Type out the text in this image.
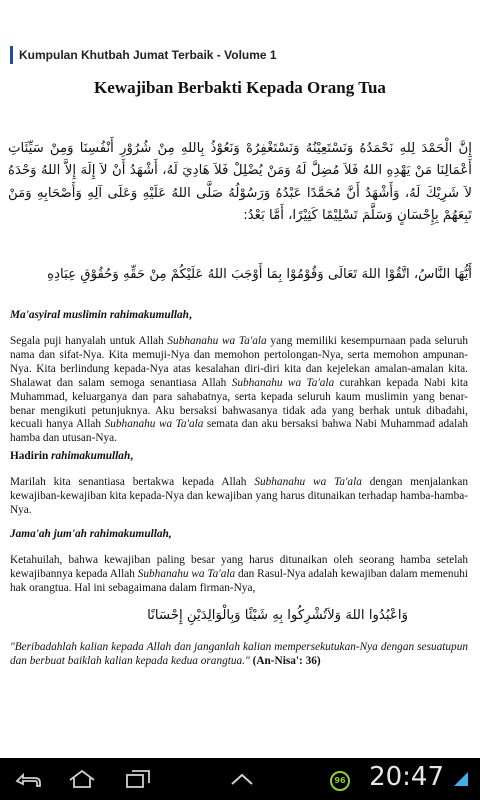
Kumpulan Khutbah Jumat Terbaik - Volume 1
Kewajiban Berbakti Kepada Orang Tua
إِنَّ الْحَمْدَ لِلهِ نَحْمَدُهُ وَنَسْتَعِيْنُهُ وَنَسْتَغْفِرُهْ وَنَعُوْذُ بِاللهِ مِنْ شُرُوْرِ أَنْفُسِنَا وَمِنْ سَيِّئَاتِ أَعْمَالِنَا مَنْ يَهْدِهِ اللهُ فَلاَ مُضِلَّ لَهُ وَمَنْ يُضْلِلْ فَلاَ هَادِيَ لَهُ، أَشْهَدُ أَنْ لاَ إِلَهَ إِلاَّ اللهُ وَحْدَهُ لاَ شَرِيْكَ لَهُ، وَأَشْهَدُ أَنَّ مُحَمَّدًا عَبْدُهُ وَرَسُوْلُهُ صَلَّى اللهُ عَلَيْهِ وَعَلَى آلِهِ وَأَصْحَابِهِ وَمَنْ تَبِعَهُمْ بِإِحْسَانٍ وَسَلَّمَ تَسْلِيْمًا كَثِيْرًا، أَمَّا بَعْدُ:
أَيُّهَا النَّاسُ، اتَّقُوْا اللهَ تَعَالَى وَقُوْمُوْا بِمَا أَوْجَبَ اللهُ عَلَيْكُمْ مِنْ حَقِّهِ وَحُقُوْقِ عِبَادِهِ
Ma'asyiral muslimin rahimakumullah,
Segala puji hanyalah untuk Allah Subhanahu wa Ta'ala yang memiliki kesempurnaan pada seluruh nama dan sifat-Nya. Kita memuji-Nya dan memohon pertolongan-Nya, serta memohon ampunan-Nya. Kita berlindung kepada-Nya atas kesalahan diri-diri kita dan kejelekan amalan-amalan kita. Shalawat dan salam semoga senantiasa Allah Subhanahu wa Ta'ala curahkan kepada Nabi kita Muhammad, keluarganya dan para sahabatnya, serta kepada seluruh kaum muslimin yang benar-benar mengikuti petunjuknya. Aku bersaksi bahwasanya tidak ada yang berhak untuk dibadahi, kecuali hanya Allah Subhanahu wa Ta'ala semata dan aku bersaksi bahwa Nabi Muhammad adalah hamba dan utusan-Nya.
Hadirin rahimakumullah,
Marilah kita senantiasa bertakwa kepada Allah Subhanahu wa Ta'ala dengan menjalankan kewajiban-kewajiban kita kepada-Nya dan kewajiban yang harus ditunaikan terhadap hamba-hamba-Nya.
Jama'ah jum'ah rahimakumullah,
Ketahuilah, bahwa kewajiban paling besar yang harus ditunaikan oleh seorang hamba setelah kewajibannya kepada Allah Subhanahu wa Ta'ala dan Rasul-Nya adalah kewajiban dalam memenuhi hak orangtua. Hal ini sebagaimana dalam firman-Nya,
وَاعْبُدُوا اللهَ وَلاَتُشْرِكُوا بِهِ شَيْئًا وَبِالْوَالِدَيْنِ إِحْسَانًا
"Beribadahlah kalian kepada Allah dan janganlah kalian mempersekutukan-Nya dengan sesuatupun dan berbuat baiklah kalian kepada kedua orangtua." (An-Nisa': 36)
96 20:47
